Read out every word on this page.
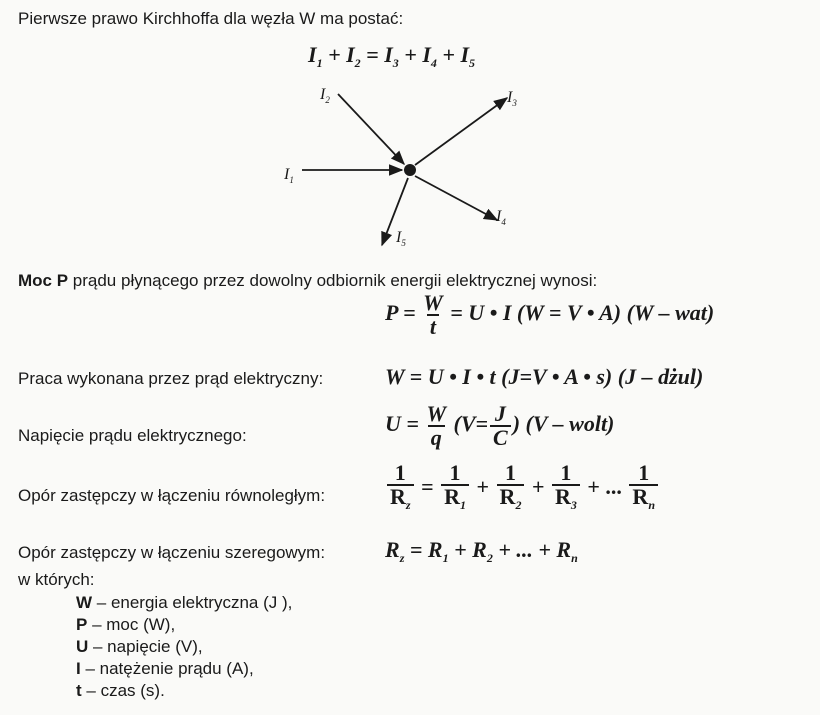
Pierwsze prawo Kirchhoffa dla węzła W ma postać:
$I_1 + I_2 = I_3 + I_4 + I_5$
$I_1$
$I_2$	$I_3$
$I_4$
$I_5$
Moc P prądu płynącego przez dowolny odbiornik energii elektrycznej wynosi:
$P = \frac{W}{t} = U$ • I (W = V • A) (W – wat)
Praca wykonana przez prąd elektryczny:	W = U • I • t (J=V • A • s) (J – dżul)
Napięcie prądu elektrycznego:	$U = \frac{W}{q} (V= \frac{J}{C}$ ) (V – wolt)
Opór zastępczy w łączeniu równoległym:	$\frac{1}{R_z} = \frac{1}{R_1} + \frac{1}{R_2} + \frac{1}{R_3}$ + ... $\frac{1}{R_n}$
Opór zastępczy w łączeniu szeregowym:	$R_z = R_1 + R_2$ + ... + $R_n$
w których:
W – energia elektryczna (J ),
P – moc (W),
U – napięcie (V),
I – natężenie prądu (A),
t – czas (s).
